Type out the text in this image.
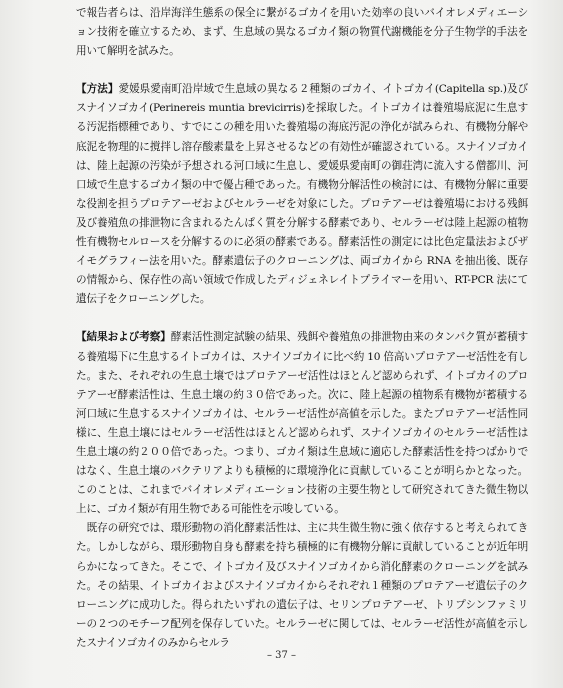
で報告者らは、沿岸海洋生態系の保全に繋がるゴカイを用いた効率の良いバイオレメディエーション技術を確立するため、まず、生息域の異なるゴカイ類の物質代謝機能を分子生物学的手法を用いて解明を試みた。

【方法】愛媛県愛南町沿岸域で生息域の異なる２種類のゴカイ、イトゴカイ(Capitella sp.)及びスナイソゴカイ(Perinereis muntia brevicirris)を採取した。イトゴカイは養殖場底泥に生息する汚泥指標種であり、すでにこの種を用いた養殖場の海底汚泥の浄化が試みられ、有機物分解や底泥を物理的に撹拌し溶存酸素量を上昇させるなどの有効性が確認されている。スナイソゴカイは、陸上起源の汚染が予想される河口域に生息し、愛媛県愛南町の御荘湾に流入する僧都川、河口域で生息するゴカイ類の中で優占種であった。有機物分解活性の検討には、有機物分解に重要な役割を担うプロテアーゼおよびセルラーゼを対象にした。プロテアーゼは養殖場における残餌及び養殖魚の排泄物に含まれるたんぱく質を分解する酵素であり、セルラーゼは陸上起源の植物性有機物セルロースを分解するのに必須の酵素である。酵素活性の測定には比色定量法およびザイモグラフィー法を用いた。酵素遺伝子のクローニングは、両ゴカイから RNA を抽出後、既存の情報から、保存性の高い領域で作成したディジェネレイトプライマーを用い、RT-PCR 法にて遺伝子をクローニングした。

【結果および考察】酵素活性測定試験の結果、残餌や養殖魚の排泄物由来のタンパク質が蓄積する養殖場下に生息するイトゴカイは、スナイソゴカイに比べ約 10 倍高いプロテアーゼ活性を有した。また、それぞれの生息土壌ではプロテアーゼ活性はほとんど認められず、イトゴカイのプロテアーゼ酵素活性は、生息土壌の約３０倍であった。次に、陸上起源の植物系有機物が蓄積する河口域に生息するスナイソゴカイは、セルラーゼ活性が高値を示した。またプロテアーゼ活性同様に、生息土壌にはセルラーゼ活性はほとんど認められず、スナイソゴカイのセルラーゼ活性は生息土壌の約２００倍であった。つまり、ゴカイ類は生息域に適応した酵素活性を持つばかりではなく、生息土壌のバクテリアよりも積極的に環境浄化に貢献していることが明らかとなった。このことは、これまでバイオレメディエーション技術の主要生物として研究されてきた微生物以上に、ゴカイ類が有用生物である可能性を示唆している。

既存の研究では、環形動物の消化酵素活性は、主に共生微生物に強く依存すると考えられてきた。しかしながら、環形動物自身も酵素を持ち積極的に有機物分解に貢献していることが近年明らかになってきた。そこで、イトゴカイ及びスナイソゴカイから消化酵素のクローニングを試みた。その結果、イトゴカイおよびスナイソゴカイからそれぞれ１種類のプロテアーゼ遺伝子のクローニングに成功した。得られたいずれの遺伝子は、セリンプロテアーゼ、トリプシンファミリーの２つのモチーフ配列を保存していた。セルラーゼに関しては、セルラーゼ活性が高値を示したスナイソゴカイのみからセルラ

– 37 –
